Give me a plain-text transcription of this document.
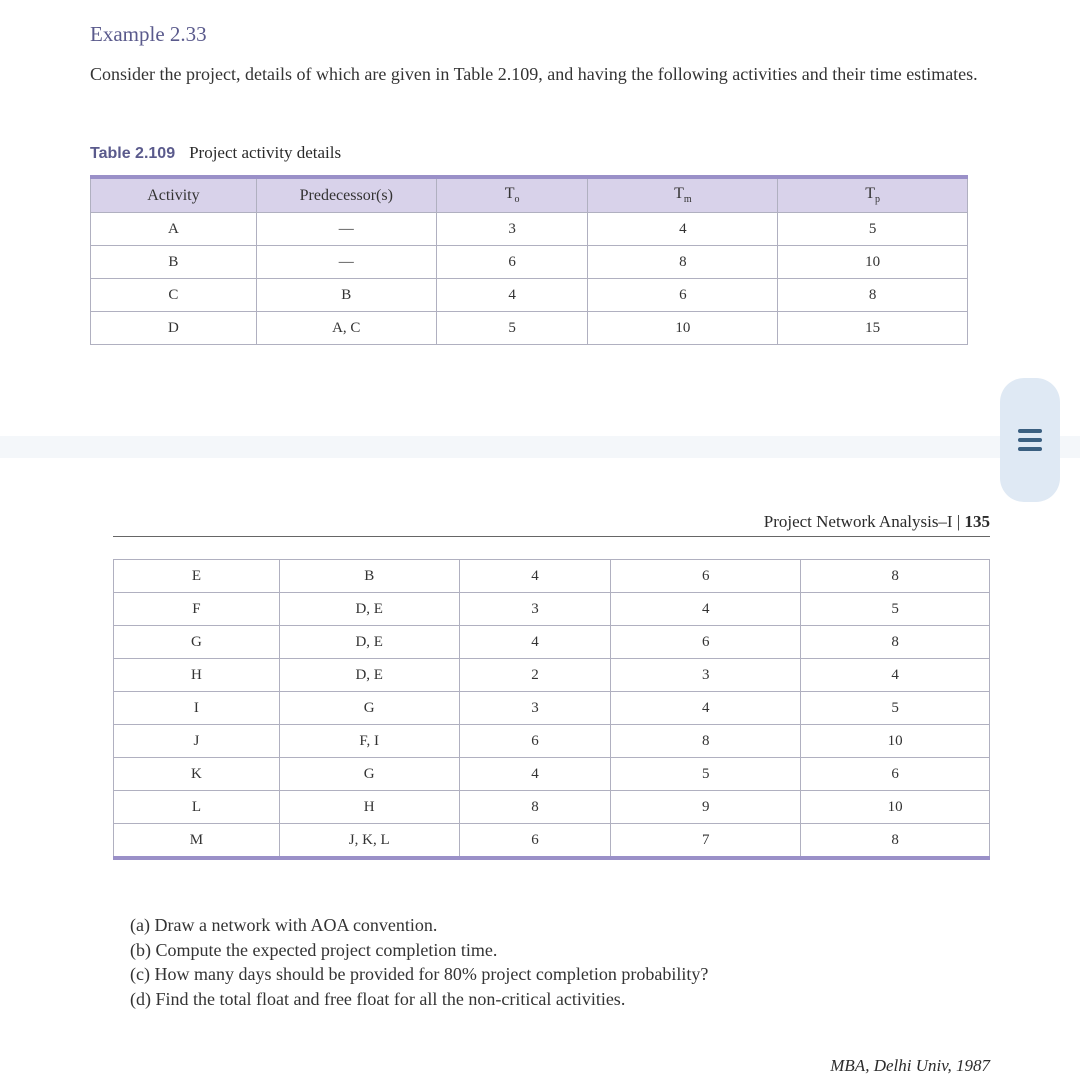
Example 2.33
Consider the project, details of which are given in Table 2.109, and having the following activities and their time estimates.
Table 2.109 Project activity details
Activity	Predecessor(s)	$T_o$	$T_m$	$T_p$
A	—	3	4	5
B	—	6	8	10
C	B	4	6	8
D	A, C	5	10	15
Project Network Analysis–I | 135
E	B	4	6	8
F	D, E	3	4	5
G	D, E	4	6	8
H	D, E	2	3	4
I	G	3	4	5
J	F, I	6	8	10
K	G	4	5	6
L	H	8	9	10
M	J, K, L	6	7	8
(a) Draw a network with AOA convention.
(b) Compute the expected project completion time.
(c) How many days should be provided for 80% project completion probability?
(d) Find the total float and free float for all the non-critical activities.
MBA, Delhi Univ, 1987
